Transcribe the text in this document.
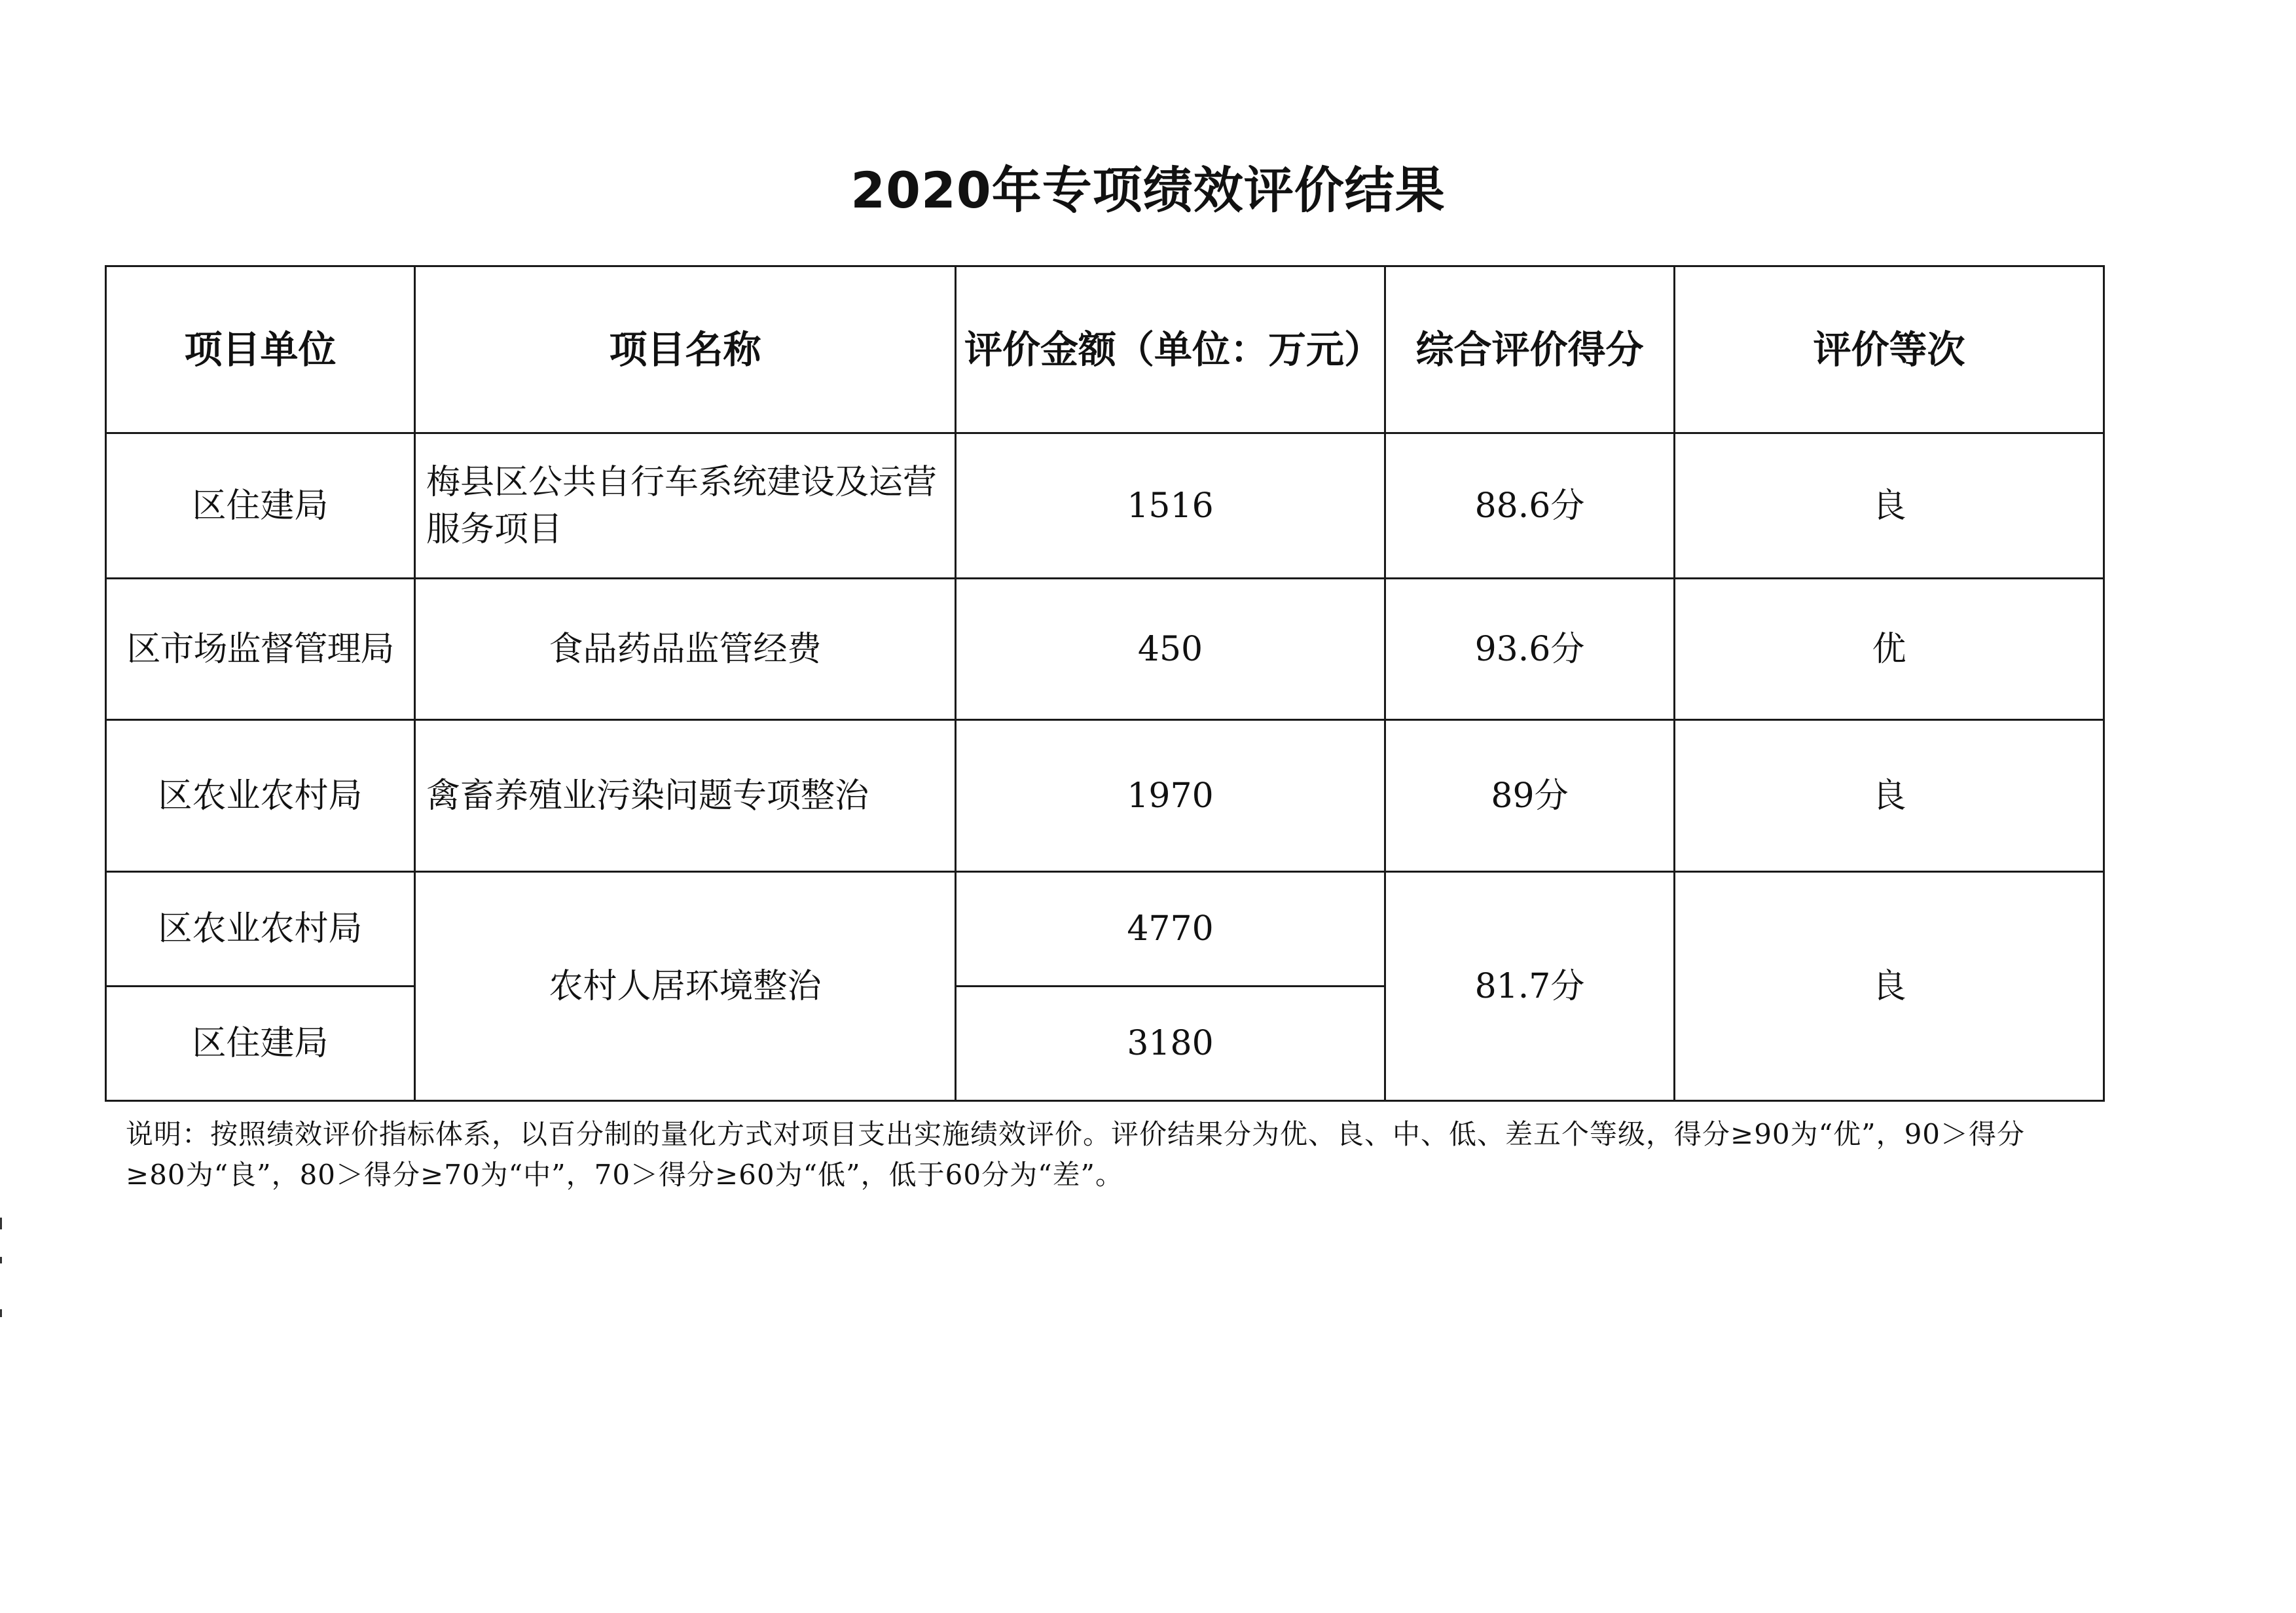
2020年专项绩效评价结果
项目单位	项目名称	评价金额（单位：万元）	综合评价得分	评价等次
区住建局	梅县区公共自行车系统建设及运营服务项目	1516	88.6分	良
区市场监督管理局	食品药品监管经费	450	93.6分	优
区农业农村局	禽畜养殖业污染问题专项整治	1970	89分	良
区农业农村局	农村人居环境整治	4770	81.7分	良
区住建局		3180		
说明：按照绩效评价指标体系，以百分制的量化方式对项目支出实施绩效评价。评价结果分为优、良、中、低、差五个等级，得分≥90为“优”，90＞得分≥80为“良”，80＞得分≥70为“中”，70＞得分≥60为“低”，低于60分为“差”。
